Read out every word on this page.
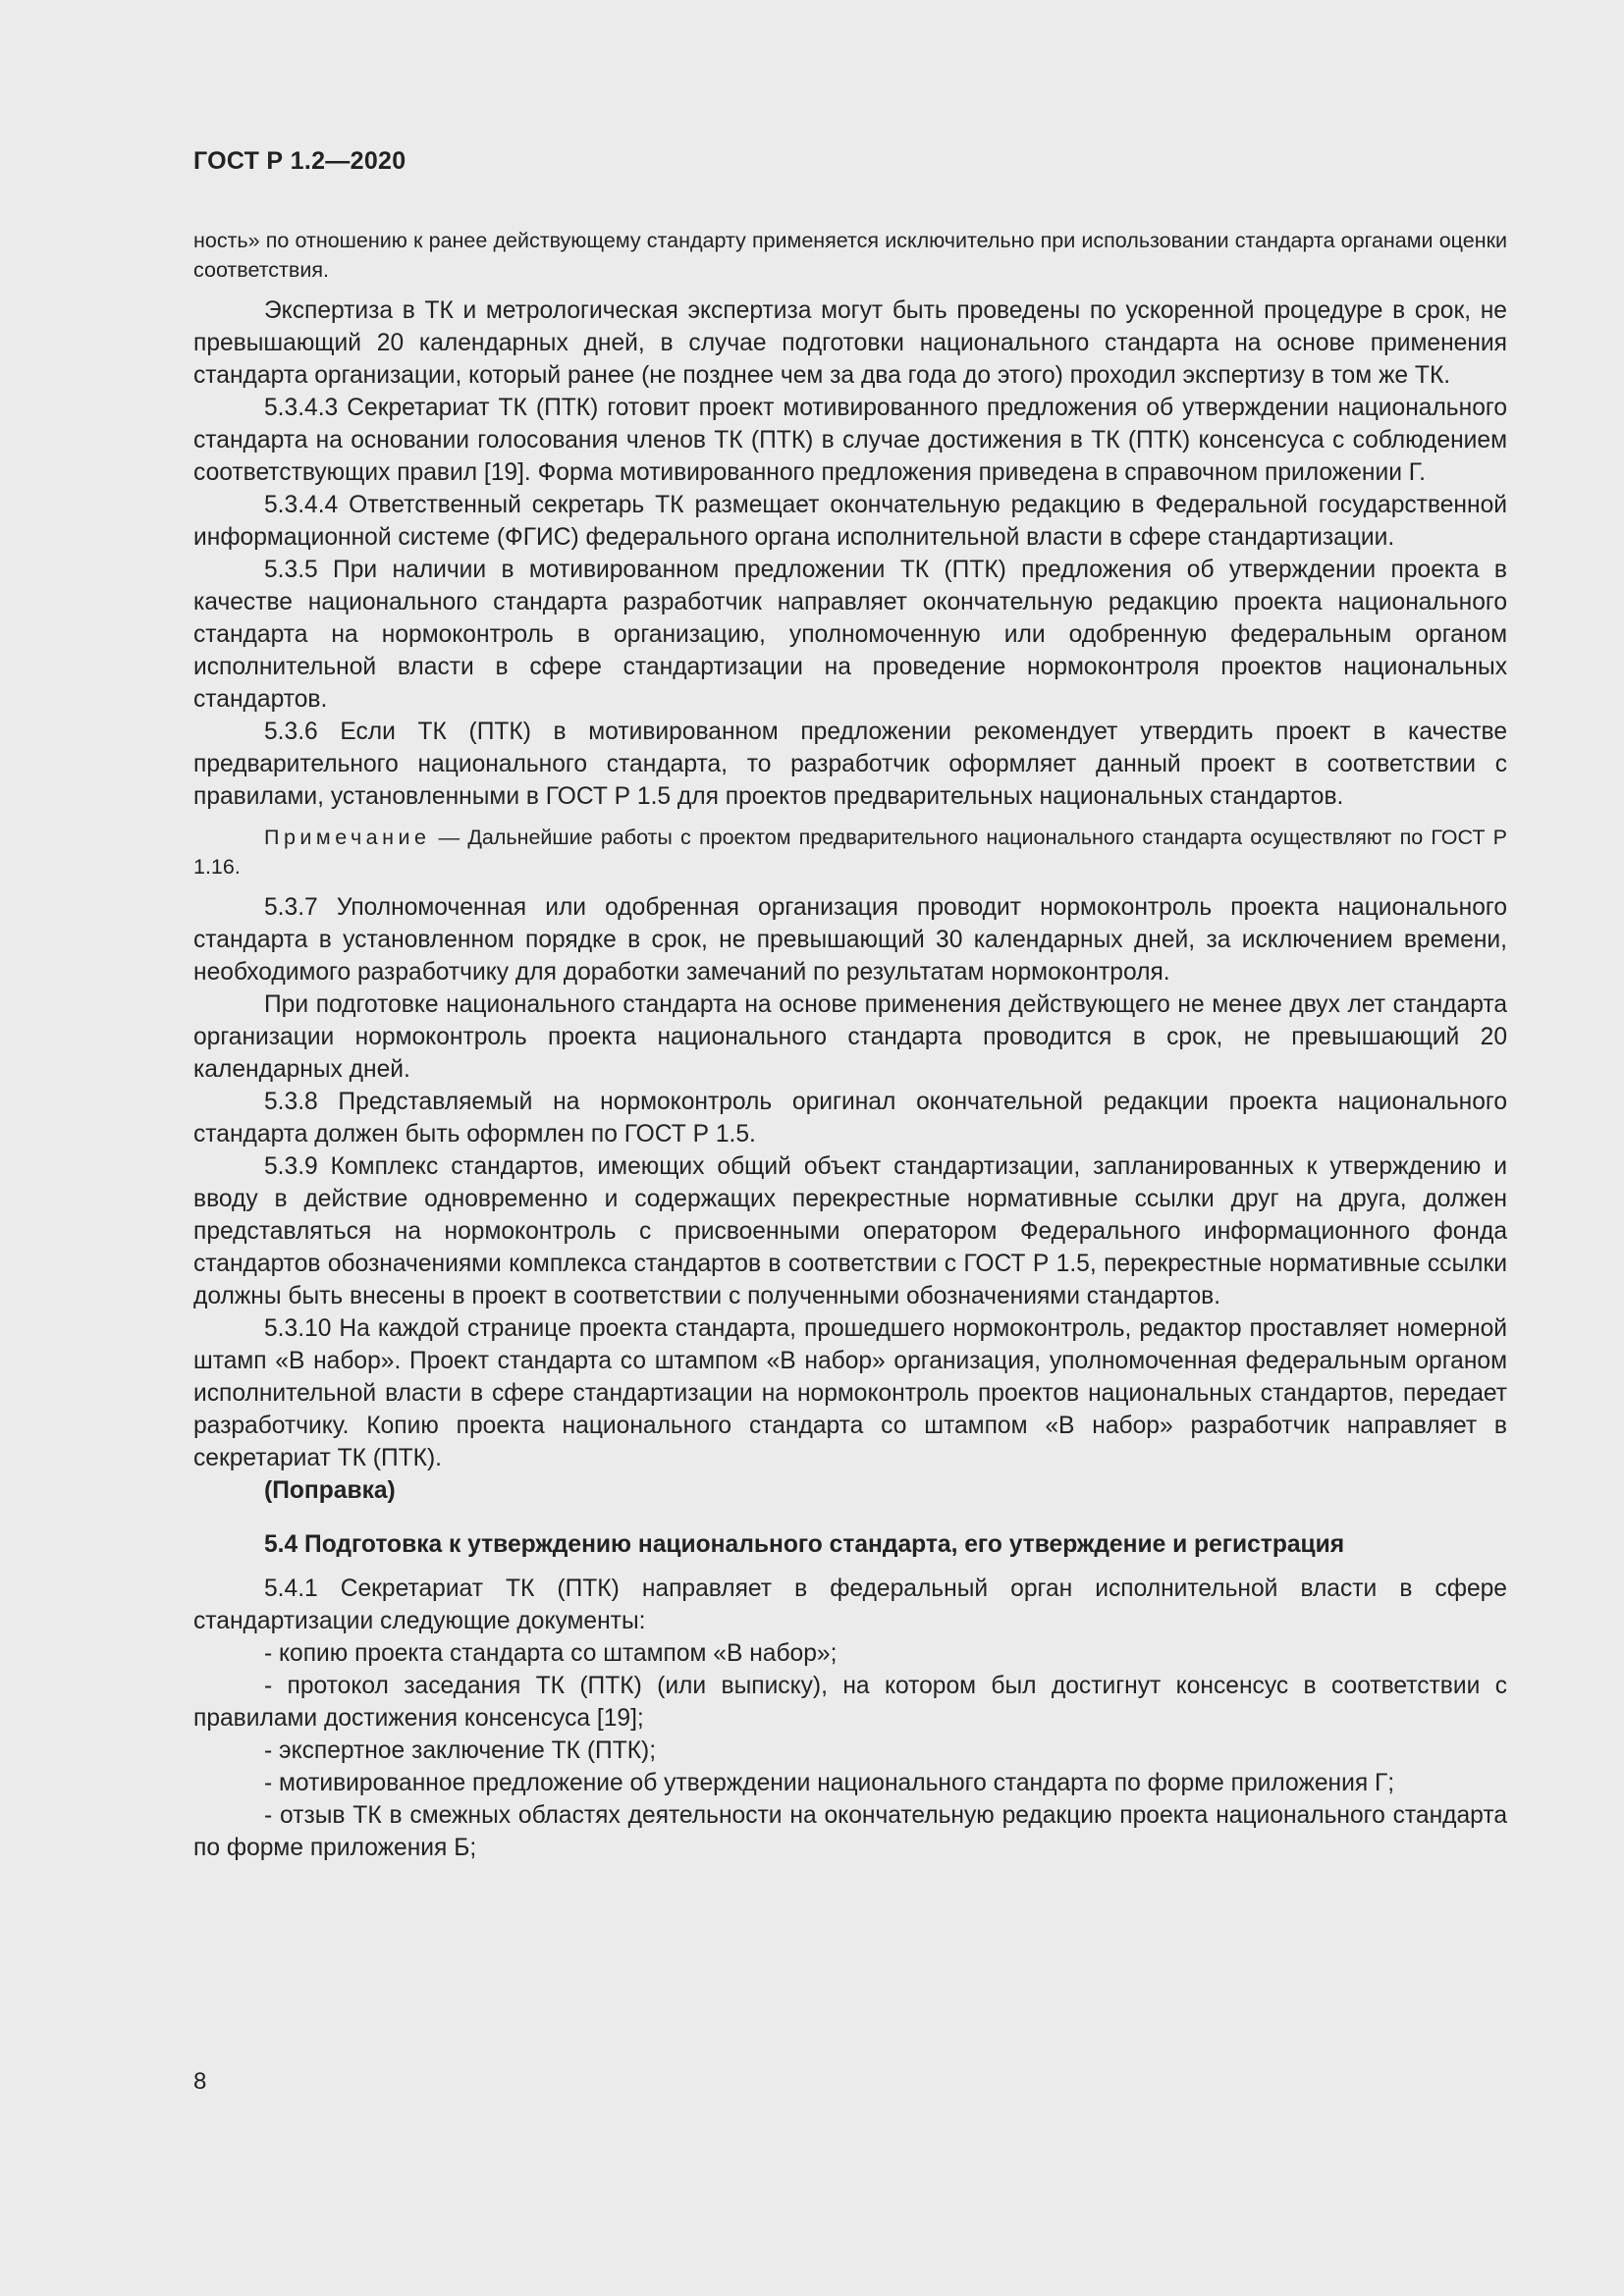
ГОСТ Р 1.2—2020

ность» по отношению к ранее действующему стандарту применяется исключительно при использовании стандарта органами оценки соответствия.

Экспертиза в ТК и метрологическая экспертиза могут быть проведены по ускоренной процедуре в срок, не превышающий 20 календарных дней, в случае подготовки национального стандарта на основе применения стандарта организации, который ранее (не позднее чем за два года до этого) проходил экспертизу в том же ТК.

5.3.4.3 Секретариат ТК (ПТК) готовит проект мотивированного предложения об утверждении национального стандарта на основании голосования членов ТК (ПТК) в случае достижения в ТК (ПТК) консенсуса с соблюдением соответствующих правил [19]. Форма мотивированного предложения приведена в справочном приложении Г.

5.3.4.4 Ответственный секретарь ТК размещает окончательную редакцию в Федеральной государственной информационной системе (ФГИС) федерального органа исполнительной власти в сфере стандартизации.

5.3.5 При наличии в мотивированном предложении ТК (ПТК) предложения об утверждении проекта в качестве национального стандарта разработчик направляет окончательную редакцию проекта национального стандарта на нормоконтроль в организацию, уполномоченную или одобренную федеральным органом исполнительной власти в сфере стандартизации на проведение нормоконтроля проектов национальных стандартов.

5.3.6 Если ТК (ПТК) в мотивированном предложении рекомендует утвердить проект в качестве предварительного национального стандарта, то разработчик оформляет данный проект в соответствии с правилами, установленными в ГОСТ Р 1.5 для проектов предварительных национальных стандартов.

Примечание — Дальнейшие работы с проектом предварительного национального стандарта осуществляют по ГОСТ Р 1.16.

5.3.7 Уполномоченная или одобренная организация проводит нормоконтроль проекта национального стандарта в установленном порядке в срок, не превышающий 30 календарных дней, за исключением времени, необходимого разработчику для доработки замечаний по результатам нормоконтроля.

При подготовке национального стандарта на основе применения действующего не менее двух лет стандарта организации нормоконтроль проекта национального стандарта проводится в срок, не превышающий 20 календарных дней.

5.3.8 Представляемый на нормоконтроль оригинал окончательной редакции проекта национального стандарта должен быть оформлен по ГОСТ Р 1.5.

5.3.9 Комплекс стандартов, имеющих общий объект стандартизации, запланированных к утверждению и вводу в действие одновременно и содержащих перекрестные нормативные ссылки друг на друга, должен представляться на нормоконтроль с присвоенными оператором Федерального информационного фонда стандартов обозначениями комплекса стандартов в соответствии с ГОСТ Р 1.5, перекрестные нормативные ссылки должны быть внесены в проект в соответствии с полученными обозначениями стандартов.

5.3.10 На каждой странице проекта стандарта, прошедшего нормоконтроль, редактор проставляет номерной штамп «В набор». Проект стандарта со штампом «В набор» организация, уполномоченная федеральным органом исполнительной власти в сфере стандартизации на нормоконтроль проектов национальных стандартов, передает разработчику. Копию проекта национального стандарта со штампом «В набор» разработчик направляет в секретариат ТК (ПТК).

(Поправка)

5.4 Подготовка к утверждению национального стандарта, его утверждение и регистрация

5.4.1 Секретариат ТК (ПТК) направляет в федеральный орган исполнительной власти в сфере стандартизации следующие документы:

- копию проекта стандарта со штампом «В набор»;

- протокол заседания ТК (ПТК) (или выписку), на котором был достигнут консенсус в соответствии с правилами достижения консенсуса [19];

- экспертное заключение ТК (ПТК);

- мотивированное предложение об утверждении национального стандарта по форме приложения Г;

- отзыв ТК в смежных областях деятельности на окончательную редакцию проекта национального стандарта по форме приложения Б;

8
